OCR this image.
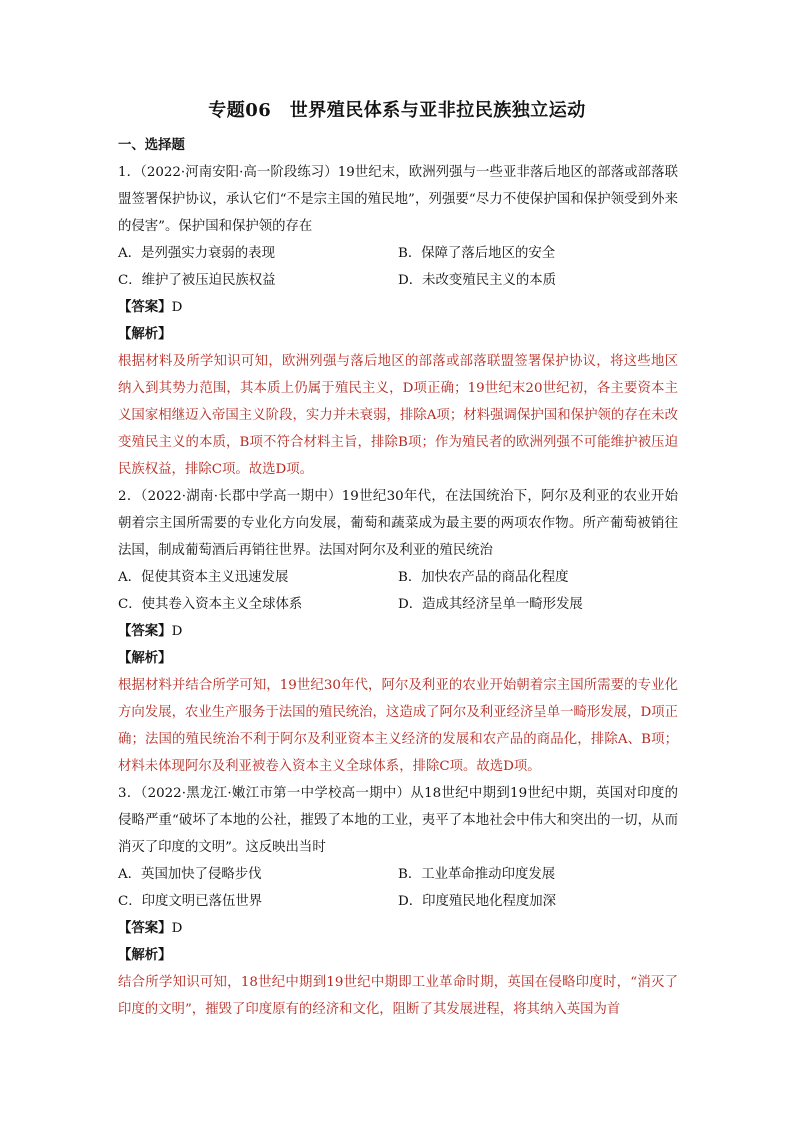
专题06　世界殖民体系与亚非拉民族独立运动
一、选择题
1．（2022·河南安阳·高一阶段练习）19世纪末，欧洲列强与一些亚非落后地区的部落或部落联盟签署保护协议，承认它们“不是宗主国的殖民地”，列强要“尽力不使保护国和保护领受到外来的侵害”。保护国和保护领的存在
A．是列强实力衰弱的表现	B．保障了落后地区的安全
C．维护了被压迫民族权益	D．未改变殖民主义的本质
【答案】D
【解析】
根据材料及所学知识可知，欧洲列强与落后地区的部落或部落联盟签署保护协议，将这些地区纳入到其势力范围，其本质上仍属于殖民主义，D项正确；19世纪末20世纪初，各主要资本主义国家相继迈入帝国主义阶段，实力并未衰弱，排除A项；材料强调保护国和保护领的存在未改变殖民主义的本质，B项不符合材料主旨，排除B项；作为殖民者的欧洲列强不可能维护被压迫民族权益，排除C项。故选D项。
2．（2022·湖南·长郡中学高一期中）19世纪30年代，在法国统治下，阿尔及利亚的农业开始朝着宗主国所需要的专业化方向发展，葡萄和蔬菜成为最主要的两项农作物。所产葡萄被销往法国，制成葡萄酒后再销往世界。法国对阿尔及利亚的殖民统治
A．促使其资本主义迅速发展	B．加快农产品的商品化程度
C．使其卷入资本主义全球体系	D．造成其经济呈单一畸形发展
【答案】D
【解析】
根据材料并结合所学可知，19世纪30年代，阿尔及利亚的农业开始朝着宗主国所需要的专业化方向发展，农业生产服务于法国的殖民统治，这造成了阿尔及利亚经济呈单一畸形发展，D项正确；法国的殖民统治不利于阿尔及利亚资本主义经济的发展和农产品的商品化，排除A、B项；材料未体现阿尔及利亚被卷入资本主义全球体系，排除C项。故选D项。
3．（2022·黑龙江·嫩江市第一中学校高一期中）从18世纪中期到19世纪中期，英国对印度的侵略严重“破坏了本地的公社，摧毁了本地的工业，夷平了本地社会中伟大和突出的一切，从而消灭了印度的文明”。这反映出当时
A．英国加快了侵略步伐	B．工业革命推动印度发展
C．印度文明已落伍世界	D．印度殖民地化程度加深
【答案】D
【解析】
结合所学知识可知，18世纪中期到19世纪中期即工业革命时期，英国在侵略印度时，“消灭了印度的文明”，摧毁了印度原有的经济和文化，阻断了其发展进程，将其纳入英国为首
